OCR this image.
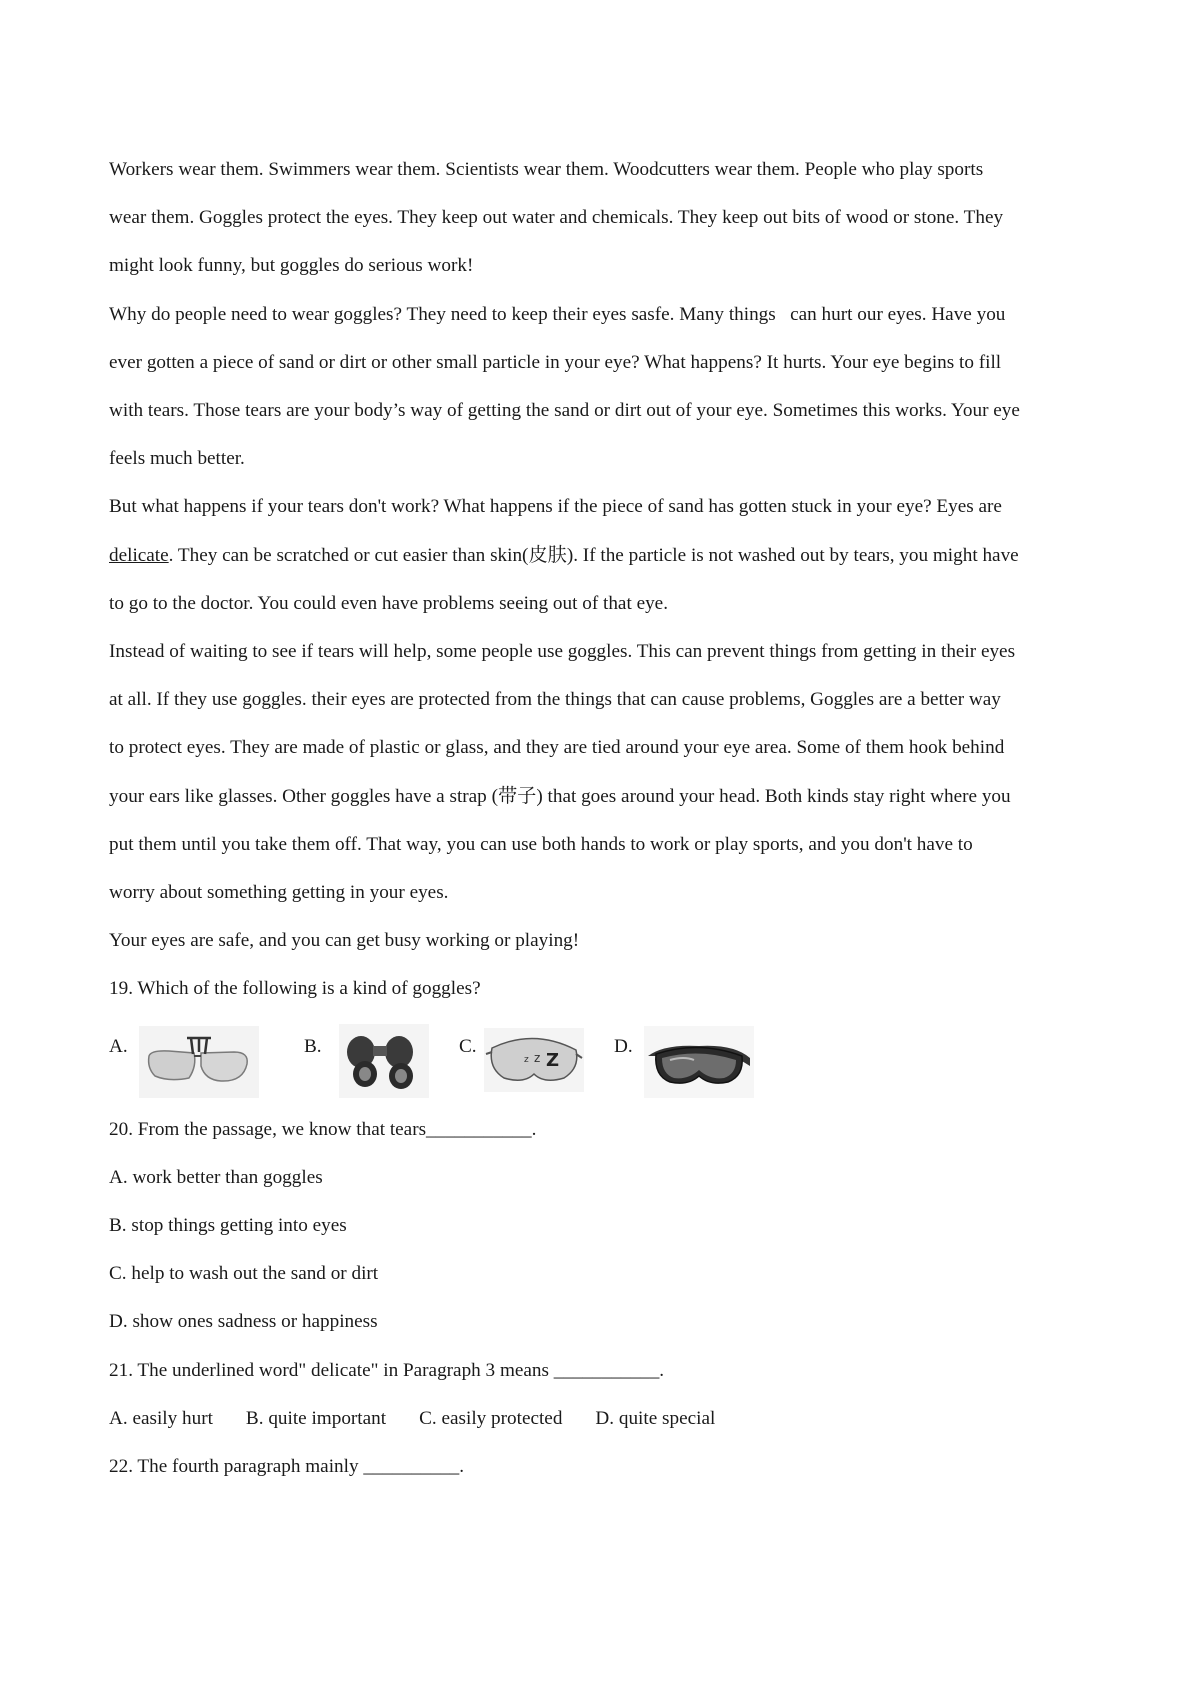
Workers wear them. Swimmers wear them. Scientists wear them. Woodcutters wear them. People who play sports
wear them. Goggles protect the eyes. They keep out water and chemicals. They keep out bits of wood or stone. They
might look funny, but goggles do serious work!

Why do people need to wear goggles? They need to keep their eyes sasfe. Many things   can hurt our eyes. Have you
ever gotten a piece of sand or dirt or other small particle in your eye? What happens? It hurts. Your eye begins to fill
with tears. Those tears are your body’s way of getting the sand or dirt out of your eye. Sometimes this works. Your eye
feels much better.

But what happens if your tears don't work? What happens if the piece of sand has gotten stuck in your eye? Eyes are
delicate. They can be scratched or cut easier than skin(皮肤). If the particle is not washed out by tears, you might have
to go to the doctor. You could even have problems seeing out of that eye.

Instead of waiting to see if tears will help, some people use goggles. This can prevent things from getting in their eyes
at all. If they use goggles. their eyes are protected from the things that can cause problems, Goggles are a better way
to protect eyes. They are made of plastic or glass, and they are tied around your eye area. Some of them hook behind
your ears like glasses. Other goggles have a strap (带子) that goes around your head. Both kinds stay right where you
put them until you take them off. That way, you can use both hands to work or play sports, and you don't have to
worry about something getting in your eyes.

Your eyes are safe, and you can get busy working or playing!

19. Which of the following is a kind of goggles?

A.	B.	C.
z z Z
D.

20. From the passage, we know that tears___________.

A. work better than goggles

B. stop things getting into eyes

C. help to wash out the sand or dirt

D. show ones sadness or happiness

21. The underlined word" delicate" in Paragraph 3 means ___________.

A. easily hurt B. quite important C. easily protected D. quite special

22. The fourth paragraph mainly __________.
